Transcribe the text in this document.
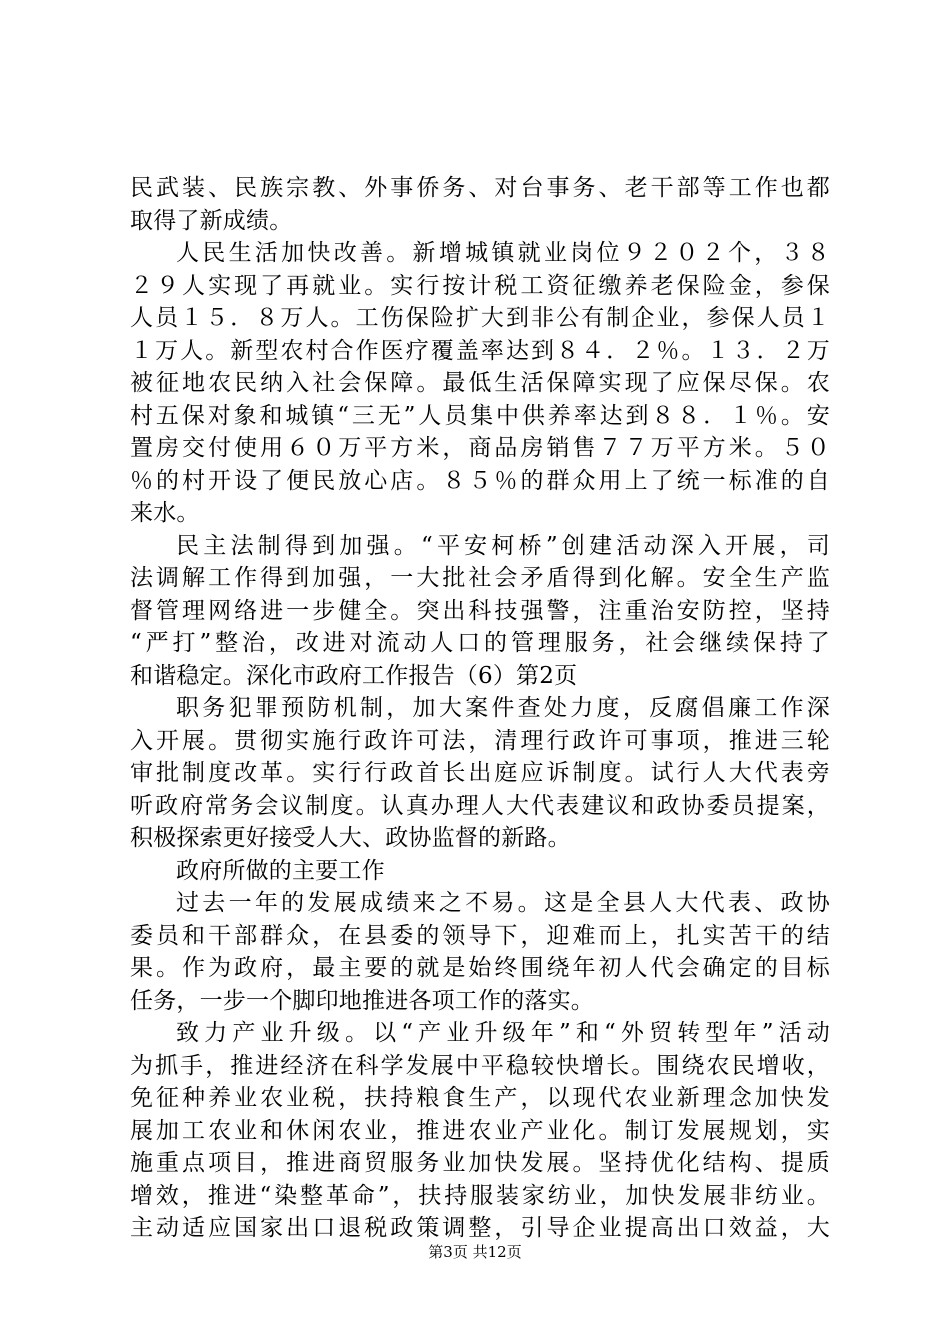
民武装、民族宗教、外事侨务、对台事务、老干部等工作也都
取得了新成绩。
人民生活加快改善。新增城镇就业岗位９２０２个，３８
２９人实现了再就业。实行按计税工资征缴养老保险金，参保
人员１５．８万人。工伤保险扩大到非公有制企业，参保人员１
１万人。新型农村合作医疗覆盖率达到８４．２％。１３．２万
被征地农民纳入社会保障。最低生活保障实现了应保尽保。农
村五保对象和城镇“三无”人员集中供养率达到８８．１％。安
置房交付使用６０万平方米，商品房销售７７万平方米。５０
％的村开设了便民放心店。８５％的群众用上了统一标准的自
来水。
民主法制得到加强。“平安柯桥”创建活动深入开展，司
法调解工作得到加强，一大批社会矛盾得到化解。安全生产监
督管理网络进一步健全。突出科技强警，注重治安防控，坚持
“严打”整治，改进对流动人口的管理服务，社会继续保持了
和谐稳定。深化市政府工作报告（6）第2页
职务犯罪预防机制，加大案件查处力度，反腐倡廉工作深
入开展。贯彻实施行政许可法，清理行政许可事项，推进三轮
审批制度改革。实行行政首长出庭应诉制度。试行人大代表旁
听政府常务会议制度。认真办理人大代表建议和政协委员提案，
积极探索更好接受人大、政协监督的新路。
政府所做的主要工作
过去一年的发展成绩来之不易。这是全县人大代表、政协
委员和干部群众，在县委的领导下，迎难而上，扎实苦干的结
果。作为政府，最主要的就是始终围绕年初人代会确定的目标
任务，一步一个脚印地推进各项工作的落实。
致力产业升级。以“产业升级年”和“外贸转型年”活动
为抓手，推进经济在科学发展中平稳较快增长。围绕农民增收，
免征种养业农业税，扶持粮食生产，以现代农业新理念加快发
展加工农业和休闲农业，推进农业产业化。制订发展规划，实
施重点项目，推进商贸服务业加快发展。坚持优化结构、提质
增效，推进“染整革命”，扶持服装家纺业，加快发展非纺业。
主动适应国家出口退税政策调整，引导企业提高出口效益，大
第3页 共12页
